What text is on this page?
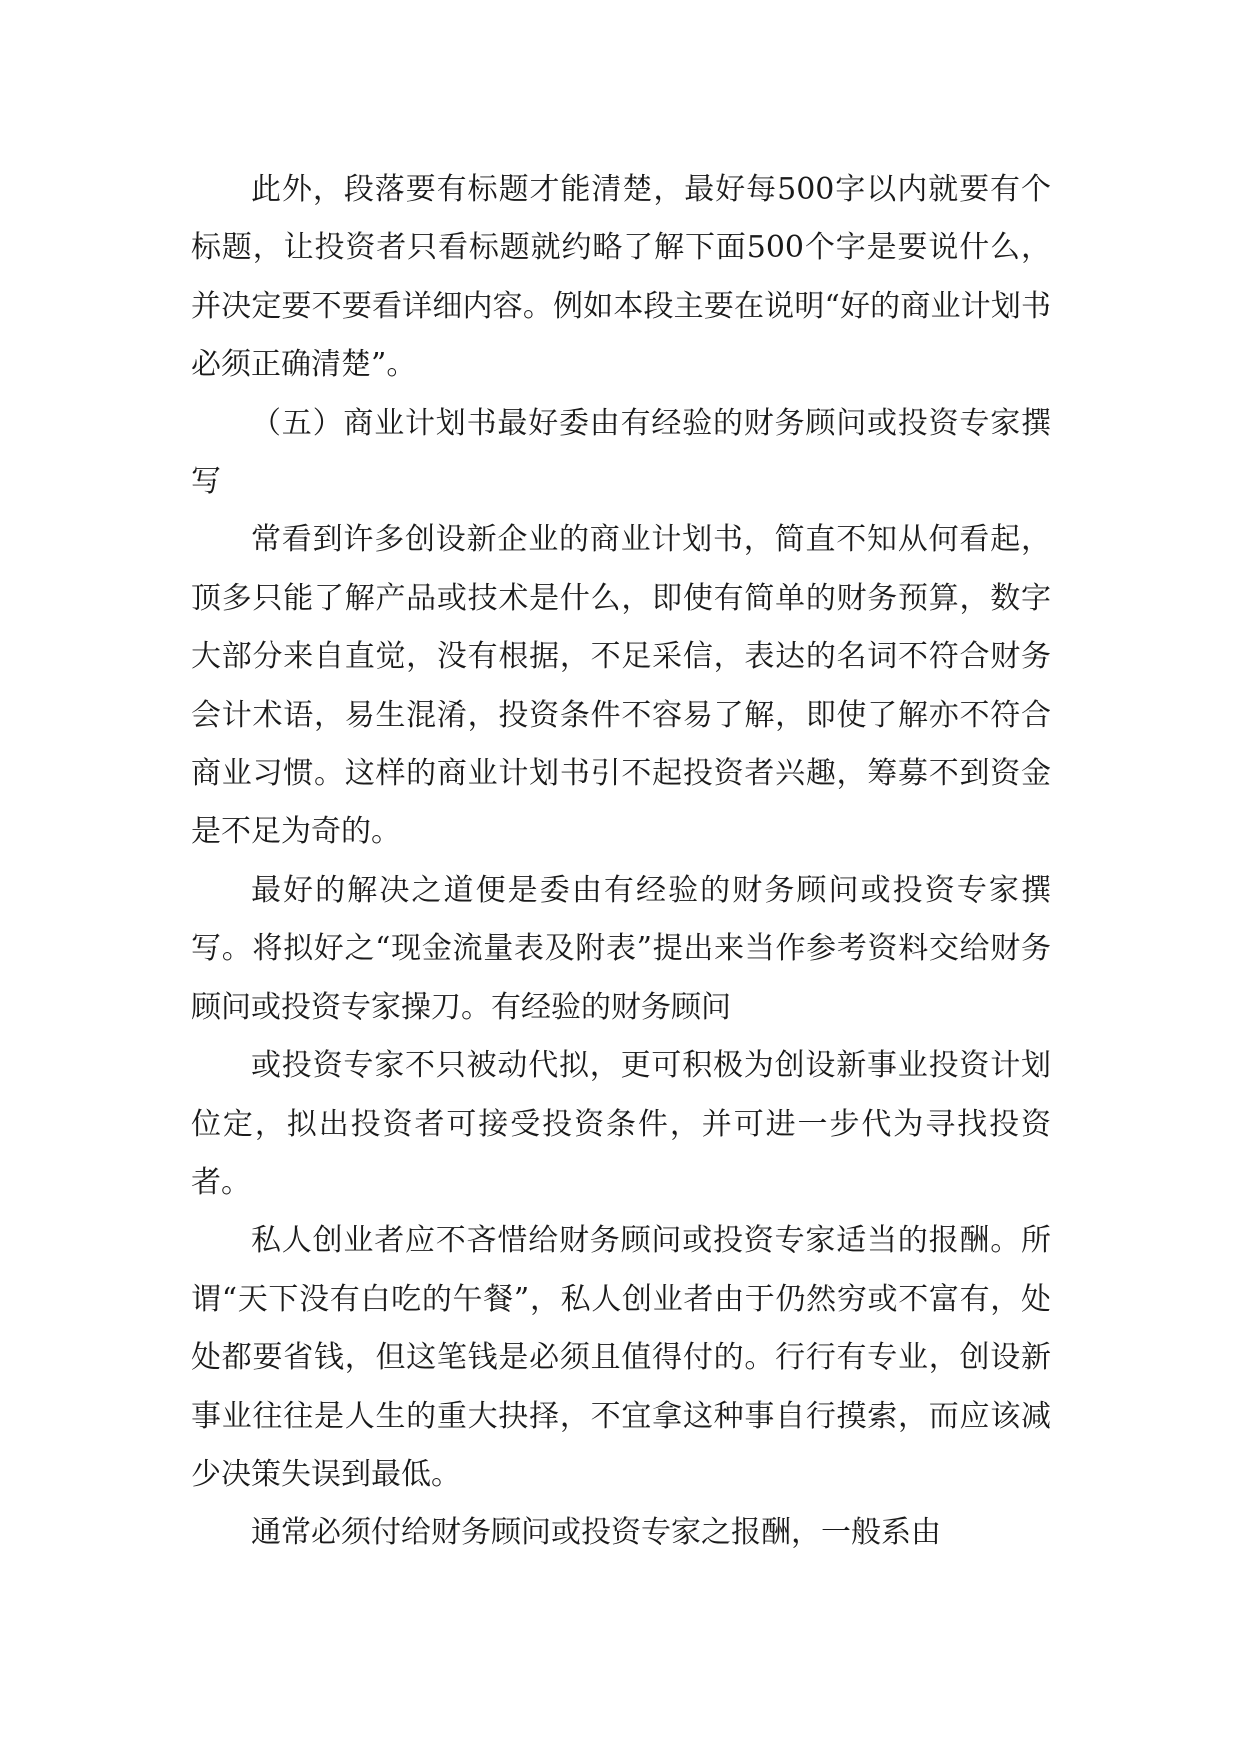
此外，段落要有标题才能清楚，最好每500字以内就要有个标题，让投资者只看标题就约略了解下面500个字是要说什么，并决定要不要看详细内容。例如本段主要在说明“好的商业计划书必须正确清楚”。

（五）商业计划书最好委由有经验的财务顾问或投资专家撰写

常看到许多创设新企业的商业计划书，简直不知从何看起，顶多只能了解产品或技术是什么，即使有简单的财务预算，数字大部分来自直觉，没有根据，不足采信，表达的名词不符合财务会计术语，易生混淆，投资条件不容易了解，即使了解亦不符合商业习惯。这样的商业计划书引不起投资者兴趣，筹募不到资金是不足为奇的。

最好的解决之道便是委由有经验的财务顾问或投资专家撰写。将拟好之“现金流量表及附表”提出来当作参考资料交给财务顾问或投资专家操刀。有经验的财务顾问

或投资专家不只被动代拟，更可积极为创设新事业投资计划位定，拟出投资者可接受投资条件，并可进一步代为寻找投资者。

私人创业者应不吝惜给财务顾问或投资专家适当的报酬。所谓“天下没有白吃的午餐”，私人创业者由于仍然穷或不富有，处处都要省钱，但这笔钱是必须且值得付的。行行有专业，创设新事业往往是人生的重大抉择，不宜拿这种事自行摸索，而应该减少决策失误到最低。

通常必须付给财务顾问或投资专家之报酬，一般系由
